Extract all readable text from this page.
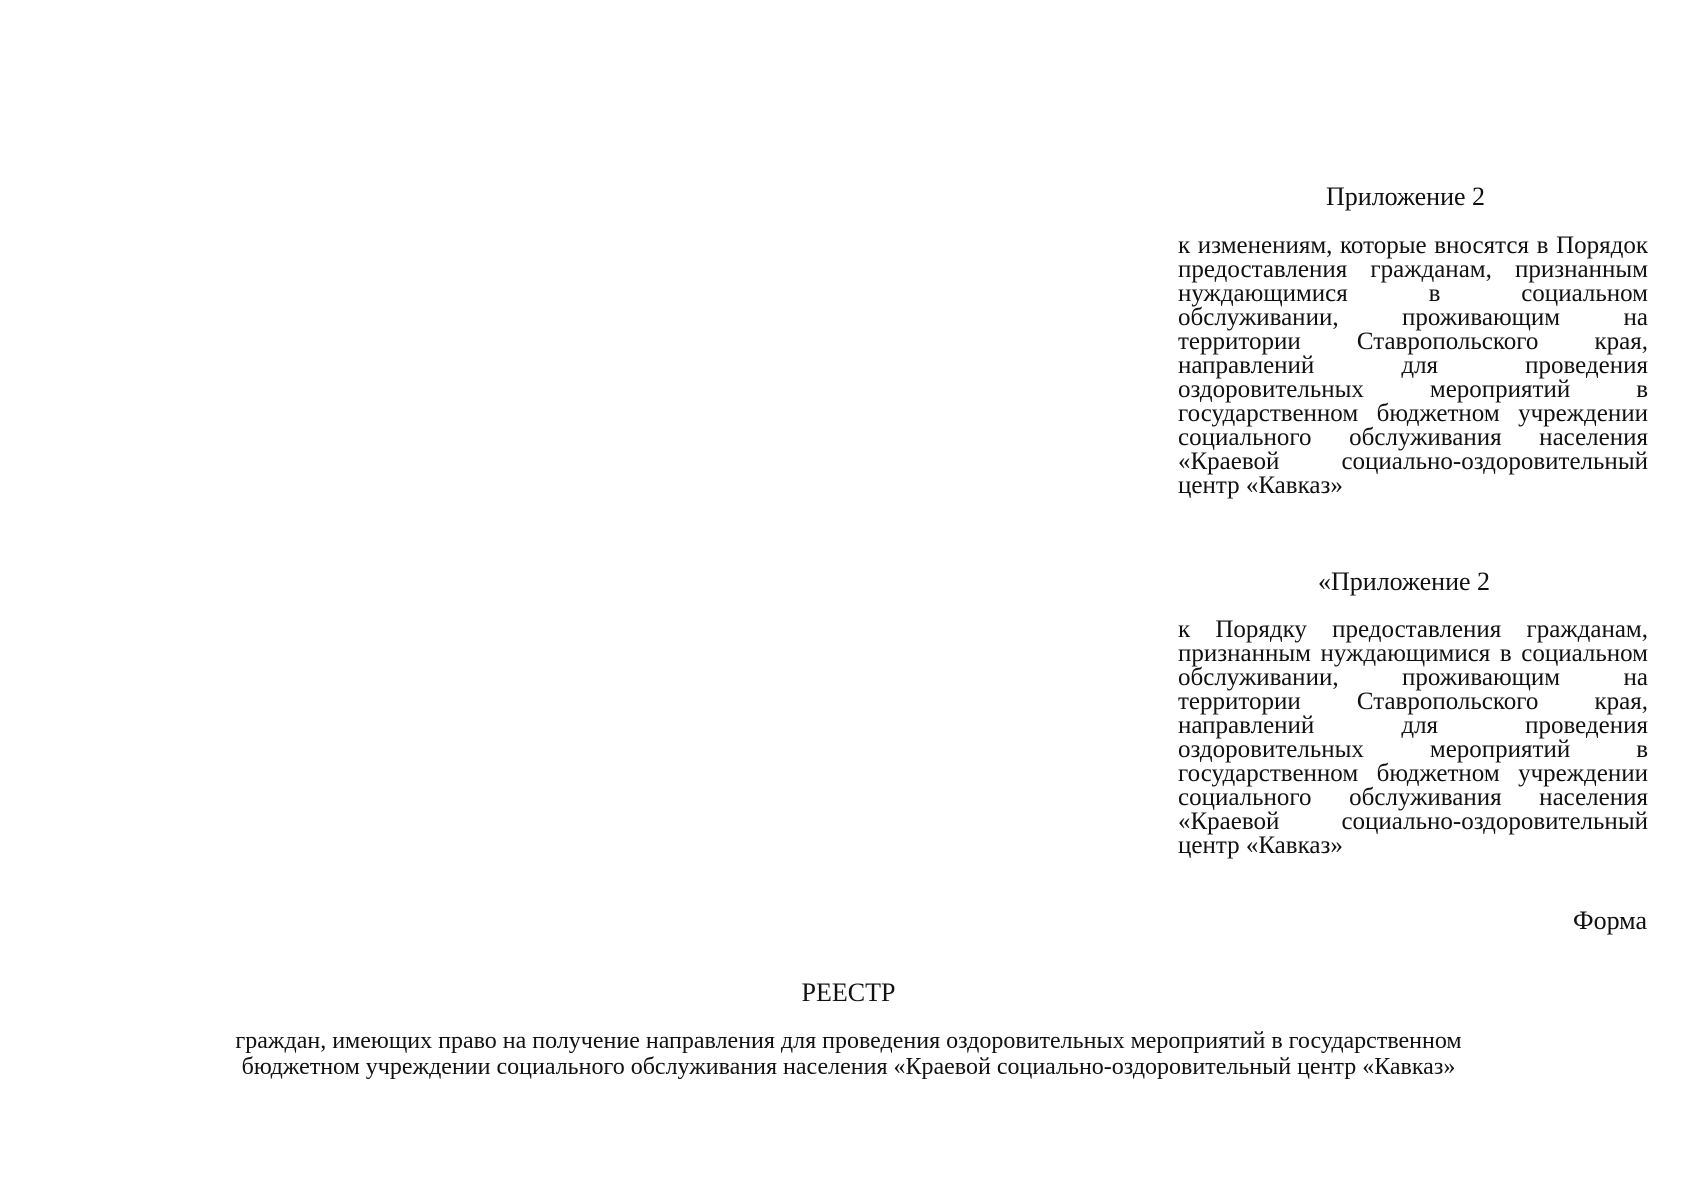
Приложение 2
к изменениям, которые вносятся в Порядок предоставления гражданам, признанным нуждающимися в социальном обслуживании, проживающим на территории Ставропольского края, направлений для проведения оздоровительных мероприятий в государственном бюджетном учреждении социального обслуживания населения «Краевой социально-оздоровительный центр «Кавказ»
«Приложение 2
к Порядку предоставления гражданам, признанным нуждающимися в социальном обслуживании, проживающим на территории Ставропольского края, направлений для проведения оздоровительных мероприятий в государственном бюджетном учреждении социального обслуживания населения «Краевой социально-оздоровительный центр «Кавказ»
Форма
РЕЕСТР
граждан, имеющих право на получение направления для проведения оздоровительных мероприятий в государственном
бюджетном учреждении социального обслуживания населения «Краевой социально-оздоровительный центр «Кавказ»
